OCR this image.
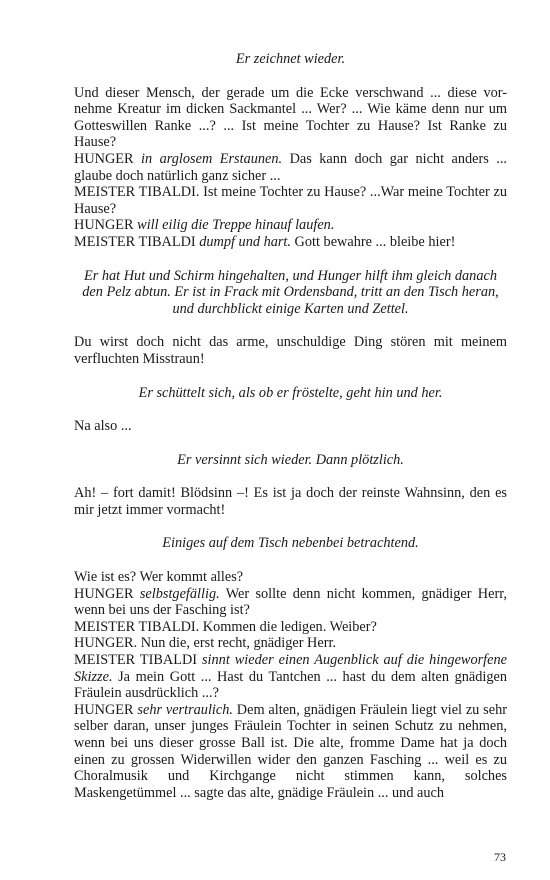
Er zeichnet wieder.
Und dieser Mensch, der gerade um die Ecke verschwand ... diese vor-nehme Kreatur im dicken Sackmantel ... Wer? ... Wie käme denn nur um Gotteswillen Ranke ...? ... Ist meine Tochter zu Hause? Ist Ranke zu Hause?
HUNGER in arglosem Erstaunen. Das kann doch gar nicht anders ... glaube doch natürlich ganz sicher ...
MEISTER TIBALDI. Ist meine Tochter zu Hause? ...War meine Tochter zu Hause?
HUNGER will eilig die Treppe hinauf laufen.
MEISTER TIBALDI dumpf und hart. Gott bewahre ... bleibe hier!
Er hat Hut und Schirm hingehalten, und Hunger hilft ihm gleich danach den Pelz abtun. Er ist in Frack mit Ordensband, tritt an den Tisch heran, und durchblickt einige Karten und Zettel.
Du wirst doch nicht das arme, unschuldige Ding stören mit meinem verfluchten Misstraun!
Er schüttelt sich, als ob er fröstelte, geht hin und her.
Na also ...
Er versinnt sich wieder. Dann plötzlich.
Ah! – fort damit! Blödsinn –! Es ist ja doch der reinste Wahnsinn, den es mir jetzt immer vormacht!
Einiges auf dem Tisch nebenbei betrachtend.
Wie ist es? Wer kommt alles?
HUNGER selbstgefällig. Wer sollte denn nicht kommen, gnädiger Herr, wenn bei uns der Fasching ist?
MEISTER TIBALDI. Kommen die ledigen. Weiber?
HUNGER. Nun die, erst recht, gnädiger Herr.
MEISTER TIBALDI sinnt wieder einen Augenblick auf die hingeworfene Skizze. Ja mein Gott ... Hast du Tantchen ... hast du dem alten gnädigen Fräulein ausdrücklich ...?
HUNGER sehr vertraulich. Dem alten, gnädigen Fräulein liegt viel zu sehr selber daran, unser junges Fräulein Tochter in seinen Schutz zu nehmen, wenn bei uns dieser grosse Ball ist. Die alte, fromme Dame hat ja doch einen zu grossen Widerwillen wider den ganzen Fasching ... weil es zu Choralmusik und Kirchgange nicht stimmen kann, solches Maskengetümmel ... sagte das alte, gnädige Fräulein ... und auch
73
